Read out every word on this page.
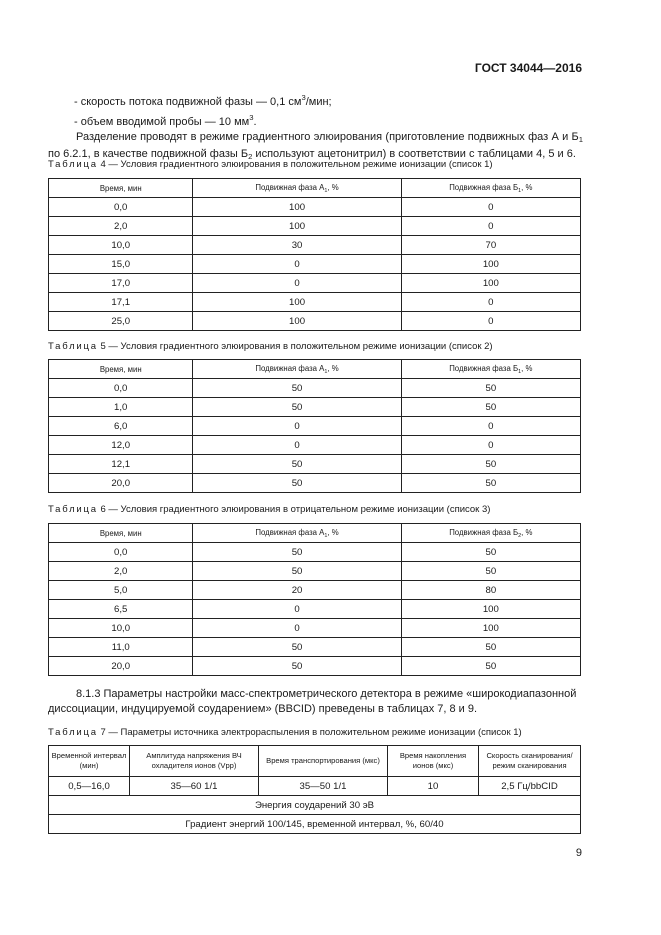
ГОСТ 34044—2016
- скорость потока подвижной фазы — 0,1 $см^3$/мин;
- объем вводимой пробы — 10 $мм^3$.
Разделение проводят в режиме градиентного элюирования (приготовление подвижных фаз А и $Б_1$ по 6.2.1, в качестве подвижной фазы $Б_2$ используют ацетонитрил) в соответствии с таблицами 4, 5 и 6.
Таблица 4 — Условия градиентного элюирования в положительном режиме ионизации (список 1)
Время, мин	Подвижная фаза $А_1$, %	Подвижная фаза $Б_1$, %
0,0	100	0
2,0	100	0
10,0	30	70
15,0	0	100
17,0	0	100
17,1	100	0
25,0	100	0
Таблица 5 — Условия градиентного элюирования в положительном режиме ионизации (список 2)
Время, мин	Подвижная фаза $А_1$, %	Подвижная фаза $Б_1$, %
0,0	50	50
1,0	50	50
6,0	0	0
12,0	0	0
12,1	50	50
20,0	50	50
Таблица 6 — Условия градиентного элюирования в отрицательном режиме ионизации (список 3)
Время, мин	Подвижная фаза $А_1$, %	Подвижная фаза $Б_2$, %
0,0	50	50
2,0	50	50
5,0	20	80
6,5	0	100
10,0	0	100
11,0	50	50
20,0	50	50
8.1.3 Параметры настройки масс-спектрометрического детектора в режиме «широкодиапазонной диссоциации, индуцируемой соударением» (BBCID) преведены в таблицах 7, 8 и 9.
Таблица 7 — Параметры источника электрораспыления в положительном режиме ионизации (список 1)
Временной интервал (мин)	Амплитуда напряжения ВЧ охладителя ионов (Vpp)	Время транспортирования (мкс)	Время накопления ионов (мкс)	Скорость сканирования/ режим сканирования
0,5—16,0	35—60 1/1	35—50 1/1	10	2,5 Гц/bbCID
Энергия соударений 30 эВ				
Градиент энергий 100/145, временной интервал, %, 60/40				
9
